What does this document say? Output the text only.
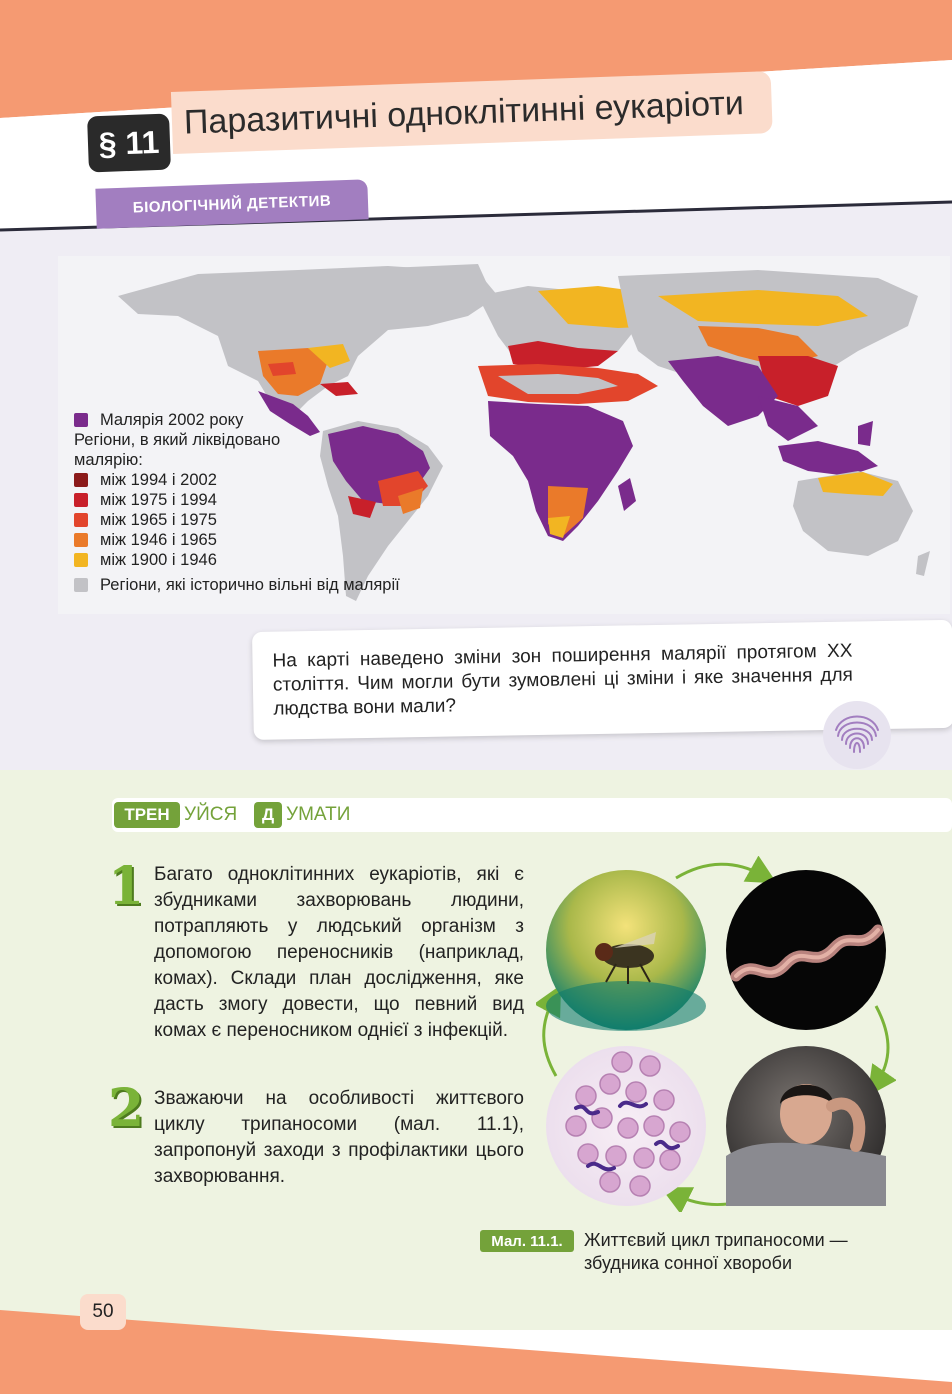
§ 11
Паразитичні одноклітинні еукаріоти
БІОЛОГІЧНИЙ ДЕТЕКТИВ
Малярія 2002 року
Регіони, в який ліквідовано
малярію:
між 1994 і 2002
між 1975 і 1994
між 1965 і 1975
між 1946 і 1965
між 1900 і 1946
Регіони, які історично вільні від малярії
На карті наведено зміни зон поширення малярії протягом XX століття. Чим могли бути зумовлені ці зміни і яке значення для людства вони мали?
ТРЕН УЙСЯ	Д УМАТИ
1 Багато одноклітинних еукаріотів, які є збудниками захворювань людини, потрапляють у людський організм з допомогою переносників (наприклад, комах). Склади план дослідження, яке дасть змогу довести, що певний вид комах є переносником однієї з інфекцій.
2 Зважаючи на особливості життєвого циклу трипаносоми (мал. 11.1), запропонуй заходи з профілактики цього захворювання.
Мал. 11.1.	Життєвий цикл трипаносоми —
збудника сонної хвороби
50
